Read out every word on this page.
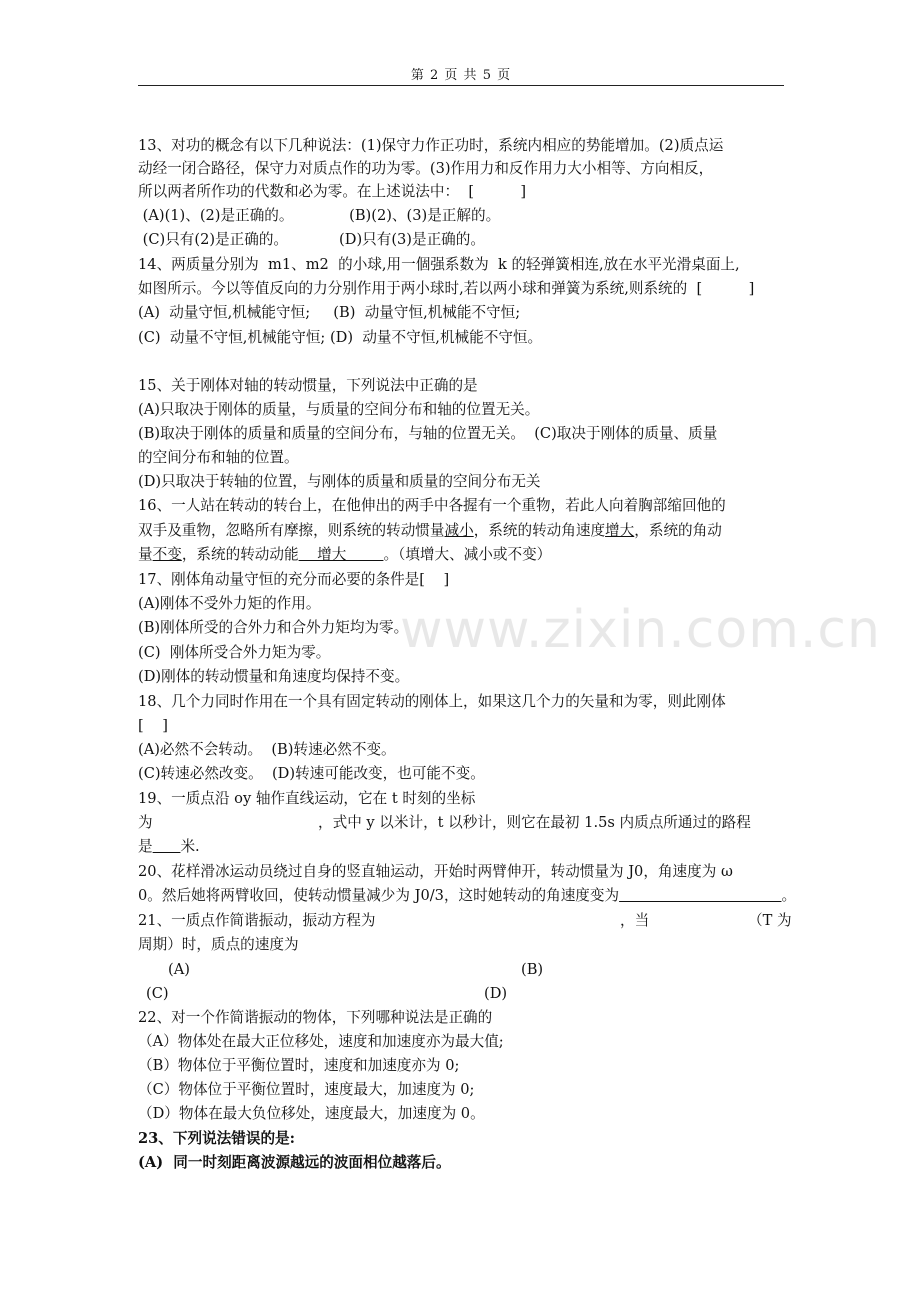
第 2 页 共 5 页
www.zixin.com.cn
13、对功的概念有以下几种说法：(1)保守力作正功时，系统内相应的势能增加。(2)质点运
动经一闭合路径，保守力对质点作的功为零。(3)作用力和反作用力大小相等、方向相反，
所以两者所作功的代数和必为零。在上述说法中：  [          ]
(A)(1)、(2)是正确的。            (B)(2)、(3)是正解的。
(C)只有(2)是正确的。           (D)只有(3)是正确的。
14、两质量分别为  m1、m2  的小球,用一個强系数为  k 的轻弹簧相连,放在水平光滑桌面上,
如图所示。今以等值反向的力分别作用于两小球时,若以两小球和弹簧为系统,则系统的  [          ]
(A)  动量守恒,机械能守恒;     (B)  动量守恒,机械能不守恒;
(C)  动量不守恒,机械能守恒; (D)  动量不守恒,机械能不守恒。
15、关于刚体对轴的转动惯量，下列说法中正确的是
(A)只取决于刚体的质量，与质量的空间分布和轴的位置无关。
(B)取决于刚体的质量和质量的空间分布，与轴的位置无关。  (C)取决于刚体的质量、质量
的空间分布和轴的位置。
(D)只取决于转轴的位置，与刚体的质量和质量的空间分布无关
16、一人站在转动的转台上，在他伸出的两手中各握有一个重物，若此人向着胸部缩回他的
双手及重物，忽略所有摩擦，则系统的转动惯量减小，系统的转动角速度增大，系统的角动
量不变，系统的转动动能    增大        。（填增大、减小或不变）
17、刚体角动量守恒的充分而必要的条件是[    ]
(A)刚体不受外力矩的作用。
(B)刚体所受的合外力和合外力矩均为零。
(C)  刚体所受合外力矩为零。
(D)刚体的转动惯量和角速度均保持不变。
18、几个力同时作用在一个具有固定转动的刚体上，如果这几个力的矢量和为零，则此刚体
[    ]
(A)必然不会转动。  (B)转速必然不变。
(C)转速必然改变。  (D)转速可能改变，也可能不变。
19、一质点沿 oy 轴作直线运动，它在 t 时刻的坐标
为	，式中 y 以米计，t 以秒计，则它在最初 1.5s 内质点所通过的路程
是 米.
20、花样滑冰运动员绕过自身的竖直轴运动，开始时两臂伸开，转动惯量为 J0，角速度为 ω
0。然后她将两臂收回，使转动惯量减少为 J0/3，这时她转动的角速度变为	。
21、一质点作简谐振动，振动方程为	，当	（T 为
周期）时，质点的速度为
(A)	(B)
(C)	(D)
22、对一个作简谐振动的物体，下列哪种说法是正确的
（A）物体处在最大正位移处，速度和加速度亦为最大值;
（B）物体位于平衡位置时，速度和加速度亦为 0;
（C）物体位于平衡位置时，速度最大，加速度为 0;
（D）物体在最大负位移处，速度最大，加速度为 0。
23、下列说法错误的是:
(A)  同一时刻距离波源越远的波面相位越落后。
